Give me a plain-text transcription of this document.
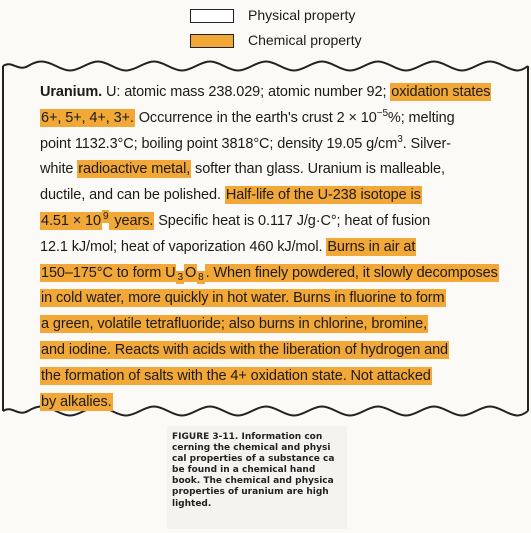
Physical property
Chemical property
Uranium. U: atomic mass 238.029; atomic number 92; oxidation states
6+, 5+, 4+, 3+. Occurrence in the earth's crust $2 \times 10^{-5}\%$; melting
point 1132.3°C; boiling point 3818°C; density 19.05 $g/cm^3$. Silver-
white radioactive metal, softer than glass. Uranium is malleable,
ductile, and can be polished. Half-life of the U-238 isotope is
4.51 × 10 $^9$ years. Specific heat is 0.117 J/g·C°; heat of fusion
12.1 kJ/mol; heat of vaporization 460 kJ/mol. Burns in air at
150–175°C to form U $_3$ O $_8$ . When finely powdered, it slowly decomposes
in cold water, more quickly in hot water. Burns in fluorine to form
a green, volatile tetrafluoride; also burns in chlorine, bromine,
and iodine. Reacts with acids with the liberation of hydrogen and
the formation of salts with the 4+ oxidation state. Not attacked
by alkalies.
FIGURE 3-11. Information con
cerning the chemical and physi
cal properties of a substance ca
be found in a chemical hand
book. The chemical and physica
properties of uranium are high
lighted.
